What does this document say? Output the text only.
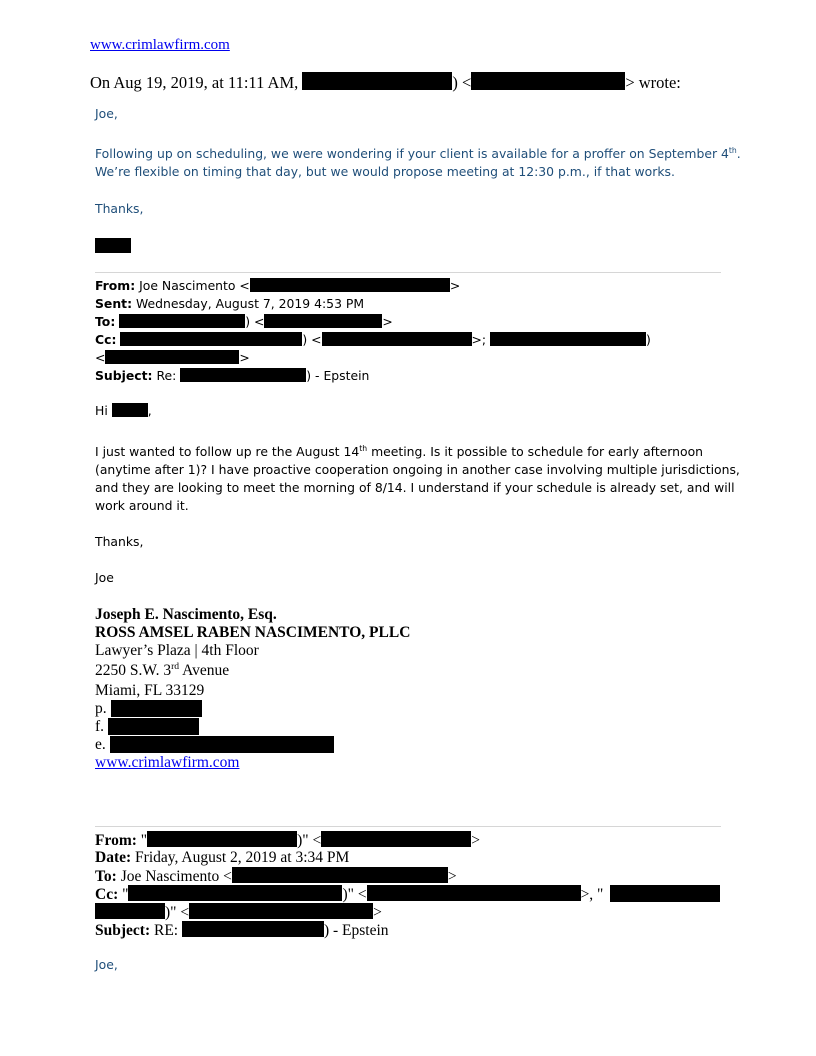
www.crimlawfirm.com
On Aug 19, 2019, at 11:11 AM,	) <	> wrote:
Joe,
Following up on scheduling, we were wondering if your client is available for a proffer on September 4th.
We’re flexible on timing that day, but we would propose meeting at 12:30 p.m., if that works.
Thanks,
From: Joe Nascimento <	>
Sent: Wednesday, August 7, 2019 4:53 PM
To:	) <	>
Cc:	) <	>;	)
<	>
Subject: Re:	) - Epstein
Hi	,
I just wanted to follow up re the August 14th meeting. Is it possible to schedule for early afternoon
(anytime after 1)? I have proactive cooperation ongoing in another case involving multiple jurisdictions,
and they are looking to meet the morning of 8/14. I understand if your schedule is already set, and will
work around it.
Thanks,
Joe
Joseph E. Nascimento, Esq.
ROSS AMSEL RABEN NASCIMENTO, PLLC
Lawyer’s Plaza | 4th Floor
2250 S.W. 3rd Avenue
Miami, FL 33129
p.
f.
e.
www.crimlawfirm.com
From: "	)" <	>
Date: Friday, August 2, 2019 at 3:34 PM
To: Joe Nascimento <	>
Cc: "	)" <	>, "
)" <	>
Subject: RE:	) - Epstein
Joe,
